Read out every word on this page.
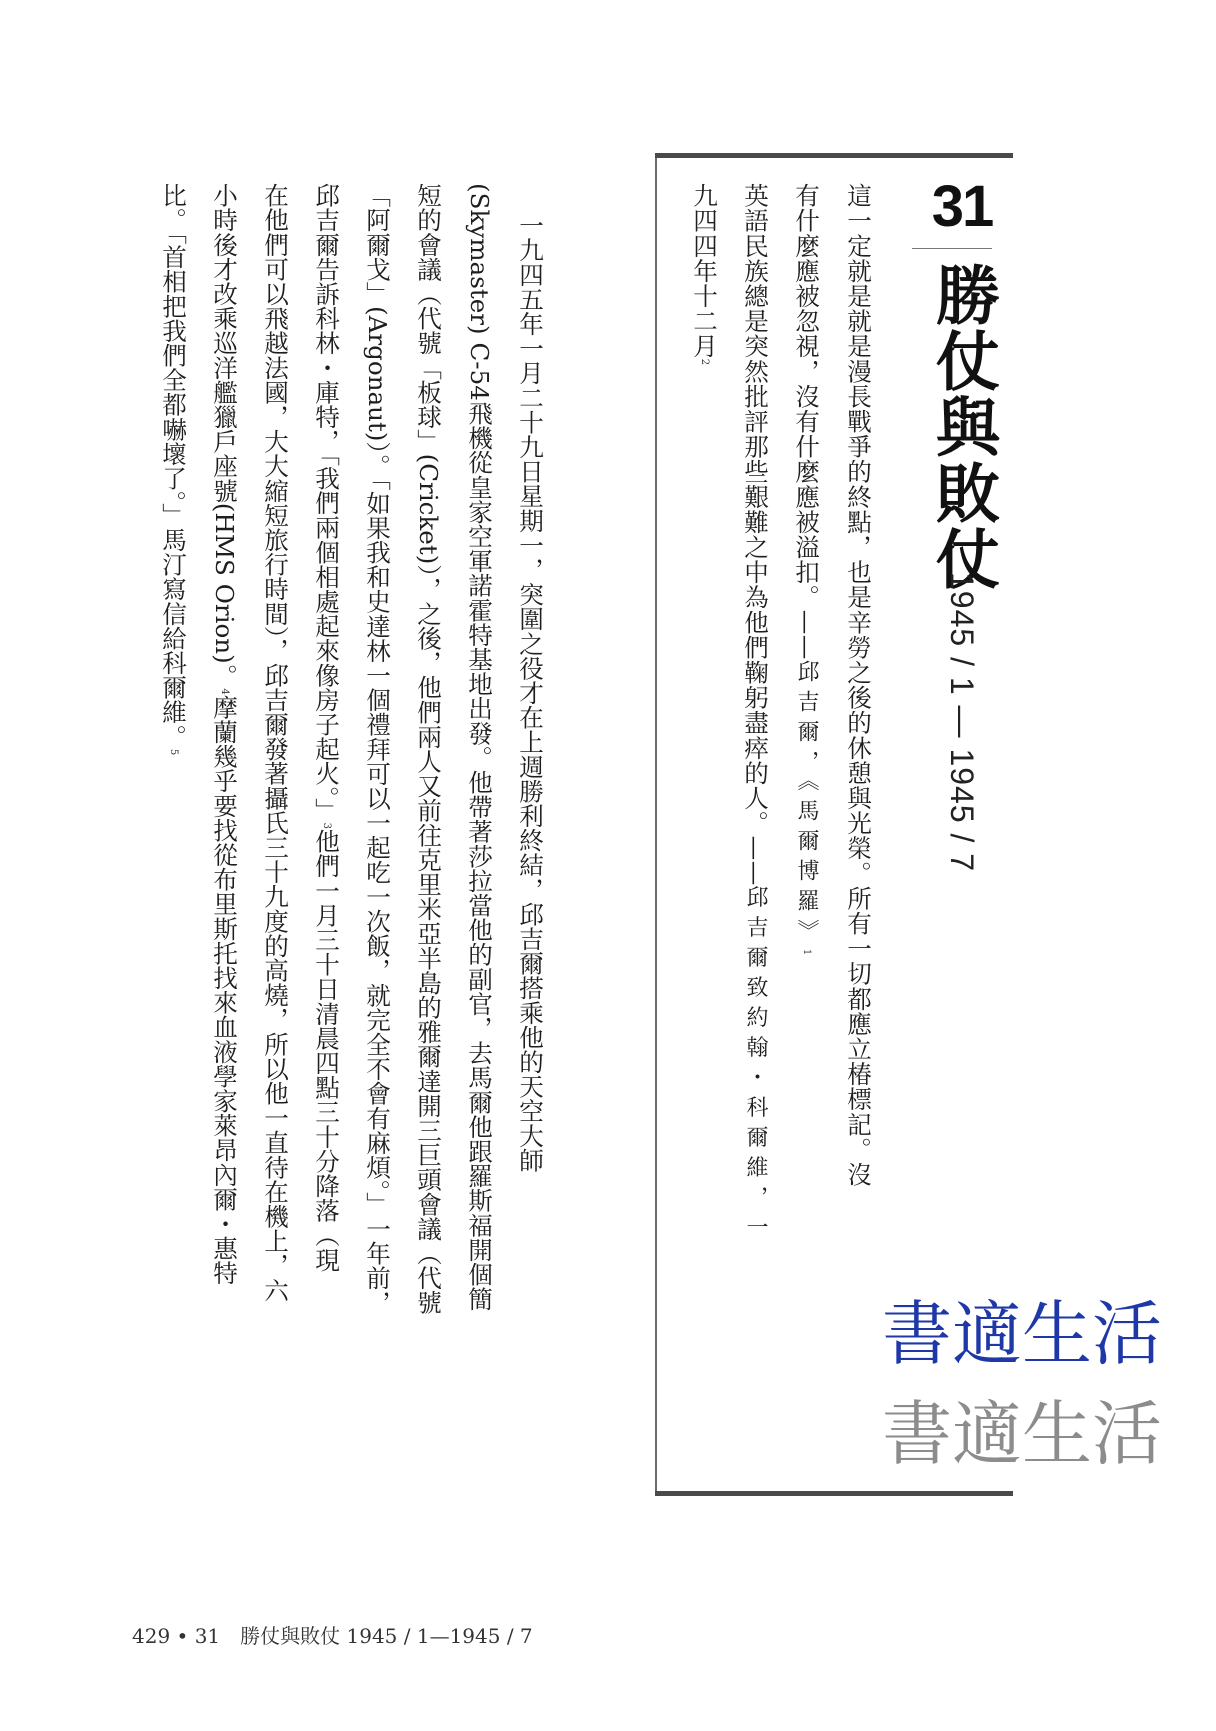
31
勝仗與敗仗
1945 / 1 — 1945 / 7
這一定就是就是漫長戰爭的終點，也是辛勞之後的休憩與光榮。所有一切都應立椿標記。沒
有什麼應被忽視，沒有什麼應被溢扣。——邱吉爾，《馬爾博羅》1
英語民族總是突然批評那些艱難之中為他們鞠躬盡瘁的人。——邱吉爾致約翰・科爾維，一
九四四年十二月2
一九四五年一月二十九日星期一，突圍之役才在上週勝利終結，邱吉爾搭乘他的天空大師
(Skymaster) C-54飛機從皇家空軍諾霍特基地出發。他帶著莎拉當他的副官，去馬爾他跟羅斯福開個簡
短的會議（代號「板球」(Cricket)），之後，他們兩人又前往克里米亞半島的雅爾達開三巨頭會議（代號
「阿爾戈」(Argonaut)）。「如果我和史達林一個禮拜可以一起吃一次飯，就完全不會有麻煩。」一年前，
邱吉爾告訴科林・庫特，「我們兩個相處起來像房子起火。」3他們一月三十日清晨四點三十分降落（現
在他們可以飛越法國，大大縮短旅行時間），邱吉爾發著攝氏三十九度的高燒，所以他一直待在機上，六
小時後才改乘巡洋艦獵戶座號(HMS Orion)。4摩蘭幾乎要找從布里斯托找來血液學家萊昂內爾・惠特
比。「首相把我們全都嚇壞了。」馬汀寫信給科爾維。5
429 • 31　勝仗與敗仗 1945 / 1—1945 / 7
書適生活
書適生活
